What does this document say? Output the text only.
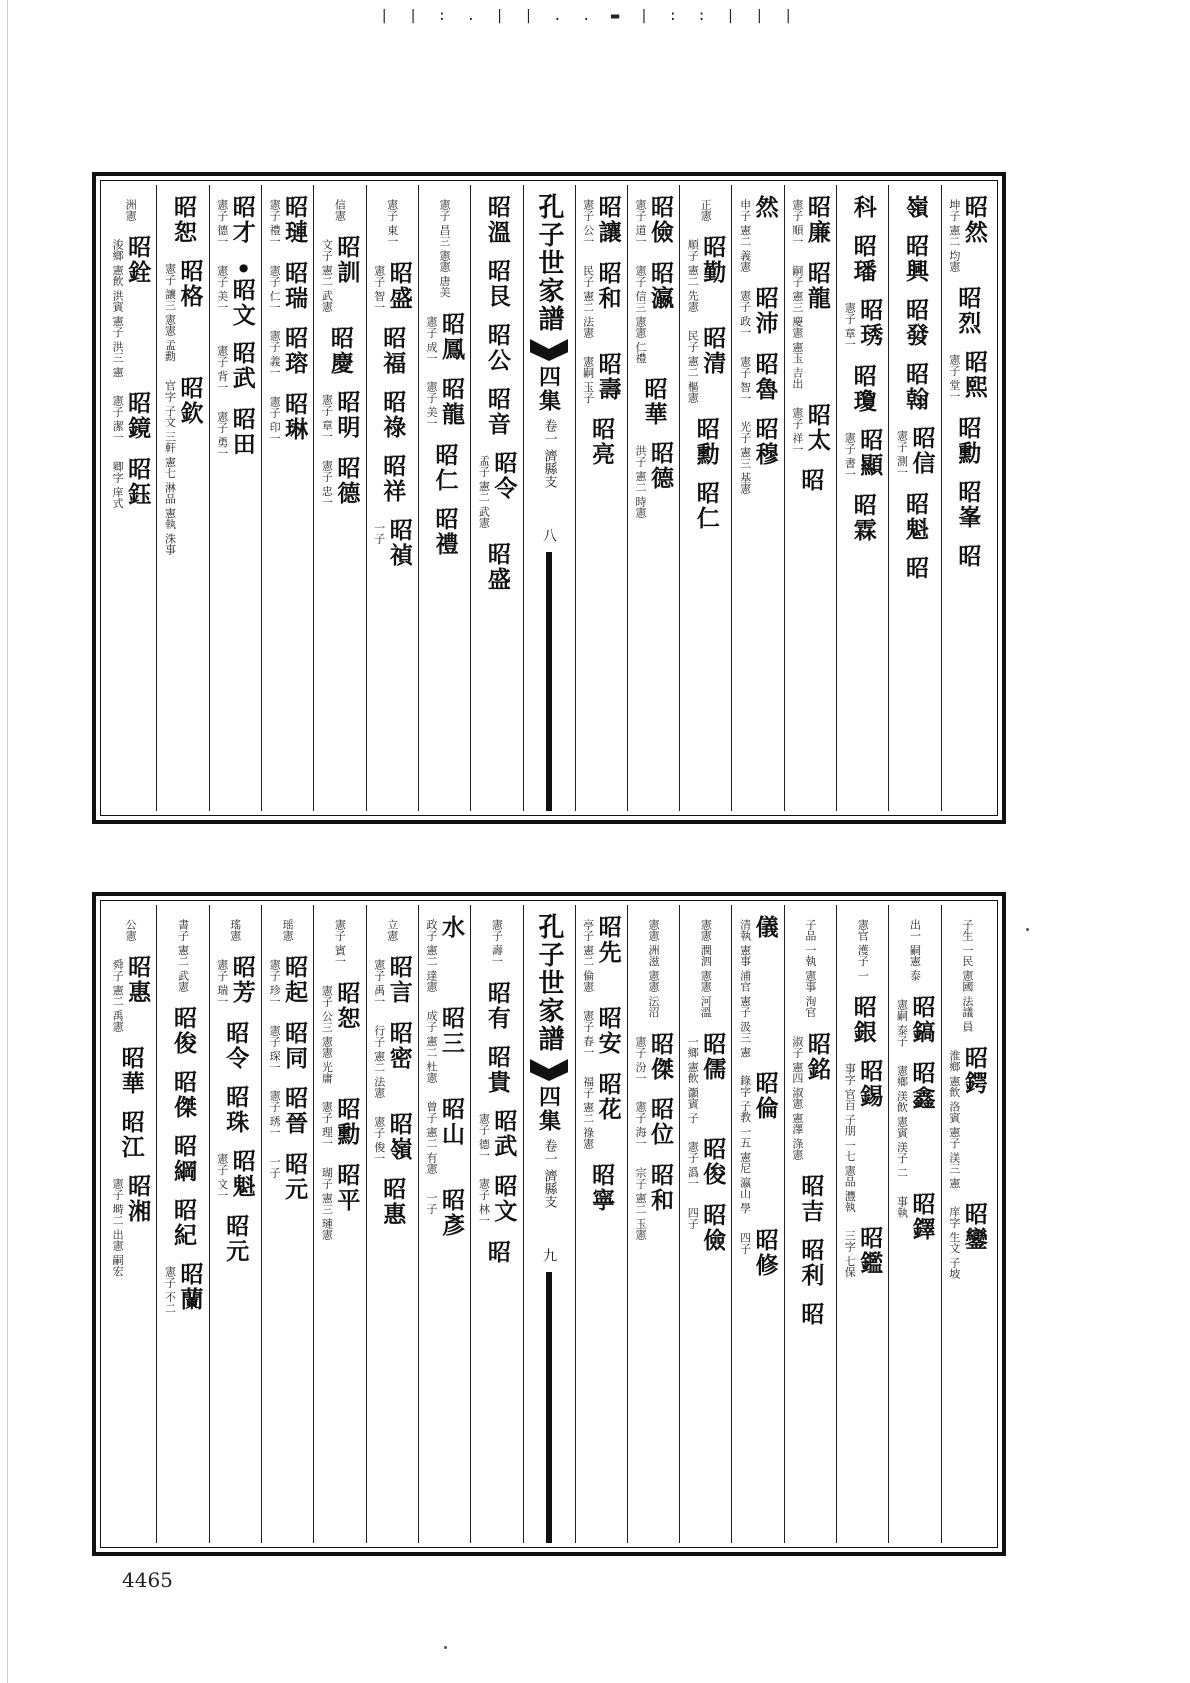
| | : . | | . . ▬ | : : | | |
昭然
坤子 憲二 均憲
昭烈
昭熙
憲子 堂一
昭勳
昭峯
昭
嶺
昭興
昭發
昭翰
昭信
憲子 測一
昭魁
昭
科
昭璠
昭琇
憲子 章一
昭瓊
昭顯
憲子 書一
昭霖
昭廉
憲子 順一
昭龍
嗣子 憲三 慶憲 憲玉 吉出
昭太
憲子 祥一
昭
然
申子 憲二 義憲
昭沛
憲子 政一
昭魯
憲子 智一
昭穆
光子 憲三 基憲
正憲
昭勤
順子 憲二 先憲
昭清
民子 憲二 樞憲
昭勳
昭仁
昭儉
憲子 道一
昭瀛
憲子 信三 憲憲 仁禮
昭華
昭德
洪子 憲二 時憲
昭讓
憲子 公一
昭和
民子 憲二 法憲
昭壽
憲嗣 玉子
昭亮
孔子世家譜
四集
卷一 濟縣支
八
昭溫
昭艮
昭公
昭音
昭令
孟子 憲二 武憲
昭盛
憲子 昌三 憲憲 唐美
昭鳳
憲子 成一
昭龍
憲子 美一
昭仁
昭禮
憲子 東一
昭盛
憲子 智一
昭福
昭祿
昭祥
昭禎
一子
信憲
昭訓
文子 憲二 武憲
昭慶
昭明
憲子 章一
昭德
憲子 忠一
昭璉
憲子 禮一
昭瑞
憲子 仁一
昭瑢
憲子 義一
昭琳
憲子 印一
昭才
憲子 德一
•昭文
憲子 美一
昭武
憲子 背一
昭田
憲子 勇一
昭恕
昭格
憲子 讓三 憲憲 孟勳
昭欽
官字 子文 三軒 憲七 淋品 憲執 洙事
洲憲
昭銓
浚鄉 憲飲 洪賓 憲子 洪三 憲
昭鏡
憲子 潔一
昭鈺
卿字 庠式
子生 一民 憲國 法議 員
昭鍔
淮鄉 憲飲 洛賓 憲子 渼三 憲
昭鑾
庠字 生文 子坡
出一 嗣憲 泰
昭鎬
憲嗣 泰子
昭鑫
憲鄉 渼飲 憲賓 渼子 二
昭鐸
事執
憲官 濩子 一
昭銀
昭錫
事字 官百 子朋 一七 憲品 灃執
昭鑑
三字 七保
子品 一執 憲事 洵官
昭銘
淑子 憲四 淑憲 憲澤 涤憲
昭吉
昭利
昭
儀
清執 憲事 浦官 憲子 汲三 憲
昭倫
錄字 子教 一五 憲尼 瀛山 學
昭修
四子
憲憲 潤泗 憲憲 河溫
昭儒
一鄉 憲飲 灝賓 子
昭俊
憲子 潙一
昭儉
四子
憲憲 洲滋 憲憲 沄沼
昭傑
憲子 汾一
昭位
憲子 海一
昭和
宗子 憲二 玉憲
昭先
亭子 憲二 倫憲
昭安
憲子 春一
昭花
福子 憲二 祿憲
昭寧
孔子世家譜
四集
卷一 濟縣支
九
憲子 壽一
昭有
昭貴
昭武
憲子 德一
昭文
憲子 林一
昭
水
政子 憲二 達憲
昭三
成子 憲二 杜憲
昭山
曾子 憲二 有憲
昭彥
一子
立憲
昭言
憲子 禹一
昭密
行子 憲二 法憲
昭嶺
憲子 俊一
昭惠
憲子 賓一
昭恕
憲子 公三 憲憲 光庸
昭勳
憲子 理一
昭平
瑚子 憲三 璉憲
瑶憲
昭起
憲子 珍一
昭同
憲子 琛一
昭晉
憲子 琇一
昭元
一子
瑤憲
昭芳
憲子 瑞一
昭令
昭珠
昭魁
憲子 文一
昭元
書子 憲二 武憲
昭俊
昭傑
昭綱
昭紀
昭蘭
憲子 不二
公憲
昭惠
舜子 憲二 禹憲
昭華
昭江
昭湘
憲子 塒二 出憲 嗣宏
4465
